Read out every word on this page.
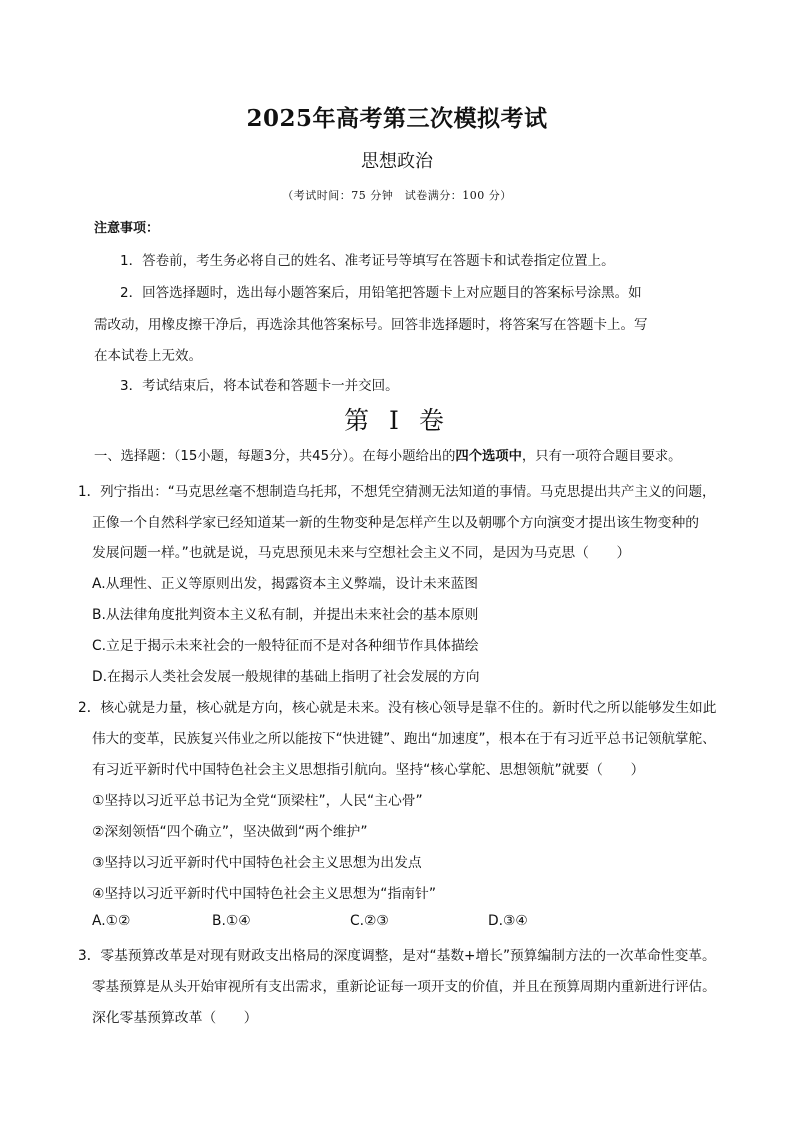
2025年高考第三次模拟考试
思想政治
（考试时间：75 分钟　试卷满分：100 分）
注意事项：
1．答卷前，考生务必将自己的姓名、准考证号等填写在答题卡和试卷指定位置上。
2．回答选择题时，选出每小题答案后，用铅笔把答题卡上对应题目的答案标号涂黑。如
需改动，用橡皮擦干净后，再选涂其他答案标号。回答非选择题时，将答案写在答题卡上。写
在本试卷上无效。
3．考试结束后，将本试卷和答题卡一并交回。
第 I 卷
一、选择题：（15小题，每题3分，共45分）。在每小题给出的四个选项中，只有一项符合题目要求。
1．列宁指出：“马克思丝毫不想制造乌托邦，不想凭空猜测无法知道的事情。马克思提出共产主义的问题，
正像一个自然科学家已经知道某一新的生物变种是怎样产生以及朝哪个方向演变才提出该生物变种的
发展问题一样。”也就是说，马克思预见未来与空想社会主义不同，是因为马克思（　　）
A.从理性、正义等原则出发，揭露资本主义弊端，设计未来蓝图
B.从法律角度批判资本主义私有制，并提出未来社会的基本原则
C.立足于揭示未来社会的一般特征而不是对各种细节作具体描绘
D.在揭示人类社会发展一般规律的基础上指明了社会发展的方向
2．核心就是力量，核心就是方向，核心就是未来。没有核心领导是靠不住的。新时代之所以能够发生如此
伟大的变革，民族复兴伟业之所以能按下“快进键”、跑出“加速度”，根本在于有习近平总书记领航掌舵、
有习近平新时代中国特色社会主义思想指引航向。坚持“核心掌舵、思想领航”就要（　　）
①坚持以习近平总书记为全党“顶梁柱”，人民“主心骨”
②深刻领悟“四个确立”，坚决做到“两个维护”
③坚持以习近平新时代中国特色社会主义思想为出发点
④坚持以习近平新时代中国特色社会主义思想为“指南针”
A.①②	B.①④	C.②③	D.③④
3．零基预算改革是对现有财政支出格局的深度调整，是对“基数+增长”预算编制方法的一次革命性变革。
零基预算是从头开始审视所有支出需求，重新论证每一项开支的价值，并且在预算周期内重新进行评估。
深化零基预算改革（　　）
